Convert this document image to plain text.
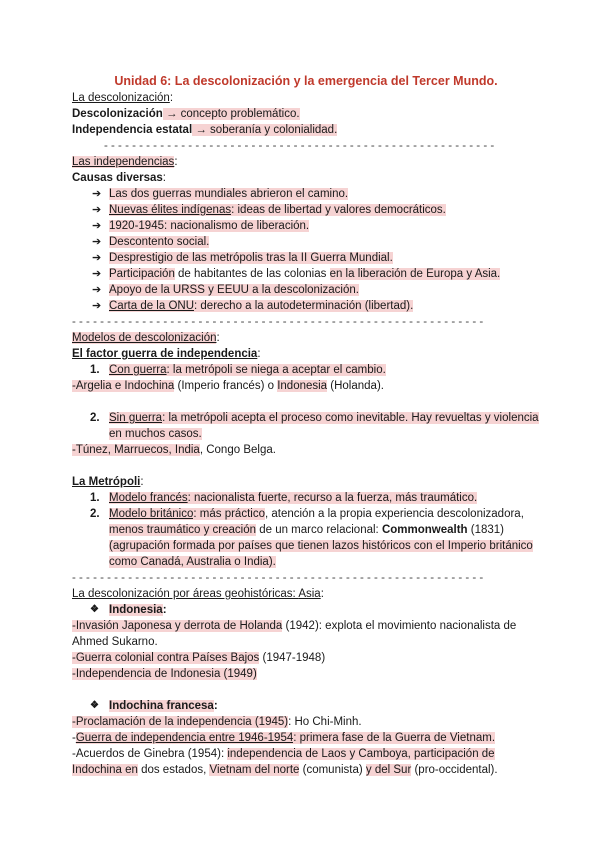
Unidad 6: La descolonización y la emergencia del Tercer Mundo.
La descolonización:
Descolonización → concepto problemático.
Independencia estatal → soberanía y colonialidad.
- - - - - - - - - - - - - - - - - - - - - - - - - - - - - - - - - - - - - - - - - - - - - - - - - - - - - - - -
Las independencias:
Causas diversas:
➔ Las dos guerras mundiales abrieron el camino.
➔ Nuevas élites indígenas: ideas de libertad y valores democráticos.
➔ 1920-1945: nacionalismo de liberación.
➔ Descontento social.
➔ Desprestigio de las metrópolis tras la II Guerra Mundial.
➔ Participación de habitantes de las colonias en la liberación de Europa y Asia.
➔ Apoyo de la URSS y EEUU a la descolonización.
➔ Carta de la ONU: derecho a la autodeterminación (libertad).
- - - - - - - - - - - - - - - - - - - - - - - - - - - - - - - - - - - - - - - - - - - - - - - - - - - - - - - - - - -
Modelos de descolonización:
El factor guerra de independencia:
1. Con guerra: la metrópoli se niega a aceptar el cambio.
-Argelia e Indochina (Imperio francés) o Indonesia (Holanda).
2. Sin guerra: la metrópoli acepta el proceso como inevitable. Hay revueltas y violencia en muchos casos.
-Túnez, Marruecos, India, Congo Belga.
La Metrópoli:
1. Modelo francés: nacionalista fuerte, recurso a la fuerza, más traumático.
2. Modelo británico: más práctico, atención a la propia experiencia descolonizadora, menos traumático y creación de un marco relacional: Commonwealth (1831) (agrupación formada por países que tienen lazos históricos con el Imperio británico como Canadá, Australia o India).
- - - - - - - - - - - - - - - - - - - - - - - - - - - - - - - - - - - - - - - - - - - - - - - - - - - - - - - - - - -
La descolonización por áreas geohistóricas: Asia:
❖ Indonesia:
-Invasión Japonesa y derrota de Holanda (1942): explota el movimiento nacionalista de Ahmed Sukarno.
-Guerra colonial contra Países Bajos (1947-1948)
-Independencia de Indonesia (1949)
❖ Indochina francesa:
-Proclamación de la independencia (1945): Ho Chi-Minh.
-Guerra de independencia entre 1946-1954: primera fase de la Guerra de Vietnam.
-Acuerdos de Ginebra (1954): independencia de Laos y Camboya, participación de Indochina en dos estados, Vietnam del norte (comunista) y del Sur (pro-occidental).
